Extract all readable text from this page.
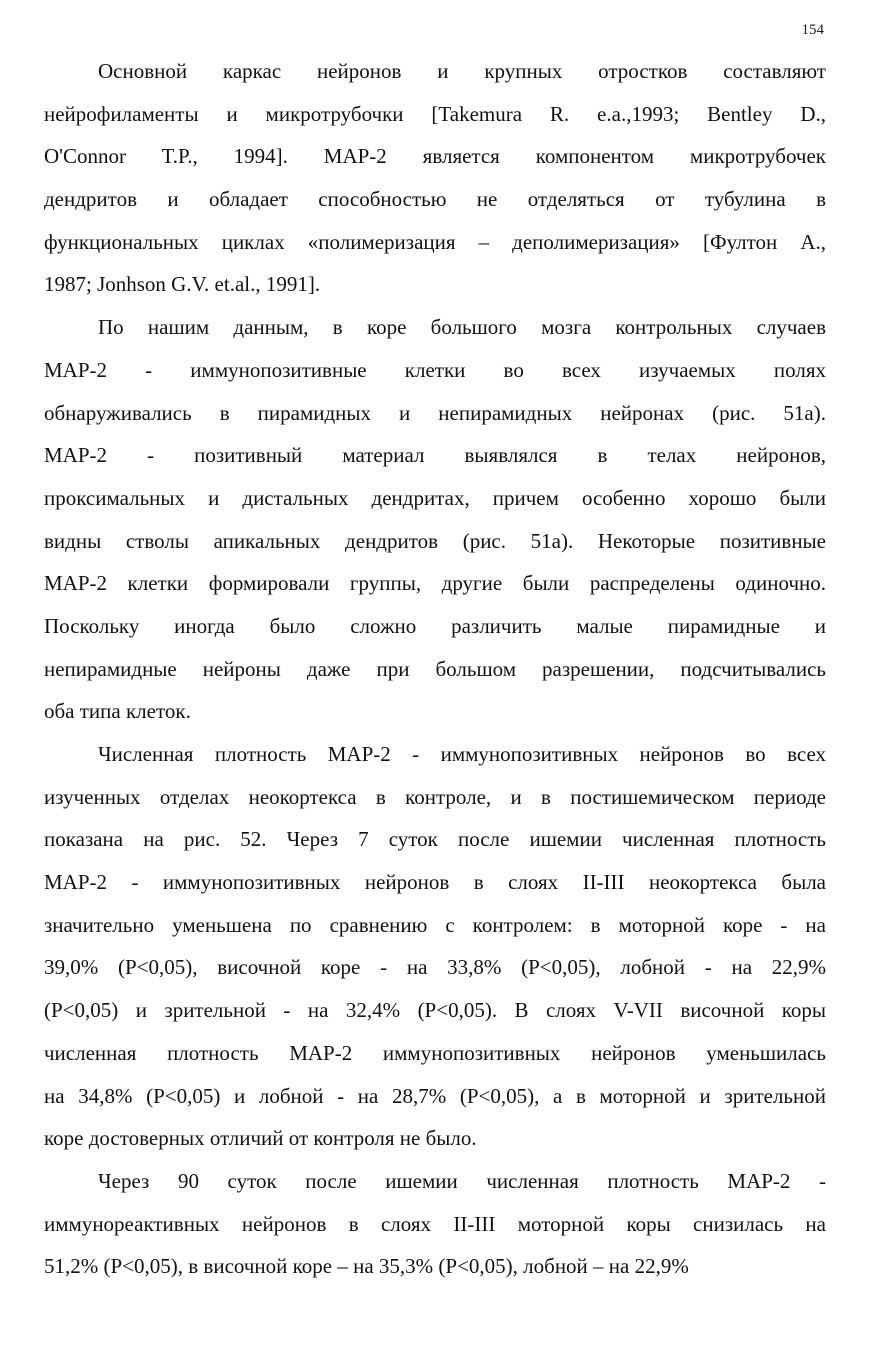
154
Основной каркас нейронов и крупных отростков составляют
нейрофиламенты и микротрубочки [Takemura R. e.a.,1993; Bentley D.,
O'Connor T.P., 1994]. MAP-2 является компонентом микротрубочек
дендритов и обладает способностью не отделяться от тубулина в
функциональных циклах «полимеризация – деполимеризация» [Фултон А.,
1987; Jonhson G.V. et.al., 1991].
По нашим данным, в коре большого мозга контрольных случаев
MAP-2 - иммунопозитивные клетки во всех изучаемых полях
обнаруживались в пирамидных и непирамидных нейронах (рис. 51а).
MAP-2 - позитивный материал выявлялся в телах нейронов,
проксимальных и дистальных дендритах, причем особенно хорошо были
видны стволы апикальных дендритов (рис. 51а). Некоторые позитивные
MAP-2 клетки формировали группы, другие были распределены одиночно.
Поскольку иногда было сложно различить малые пирамидные и
непирамидные нейроны даже при большом разрешении, подсчитывались
оба типа клеток.
Численная плотность MAP-2 - иммунопозитивных нейронов во всех
изученных отделах неокортекса в контроле, и в постишемическом периоде
показана на рис. 52. Через 7 суток после ишемии численная плотность
MAP-2 - иммунопозитивных нейронов в слоях II-III неокортекса была
значительно уменьшена по сравнению с контролем: в моторной коре - на
39,0% (P<0,05), височной коре - на 33,8% (P<0,05), лобной - на 22,9%
(P<0,05) и зрительной - на 32,4% (P<0,05). В слоях V-VII височной коры
численная плотность MAP-2 иммунопозитивных нейронов уменьшилась
на 34,8% (P<0,05) и лобной - на 28,7% (P<0,05), а в моторной и зрительной
коре достоверных отличий от контроля не было.
Через 90 суток после ишемии численная плотность MAP-2 -
иммунореактивных нейронов в слоях II-III моторной коры снизилась на
51,2% (P<0,05), в височной коре – на 35,3% (P<0,05), лобной – на 22,9%
